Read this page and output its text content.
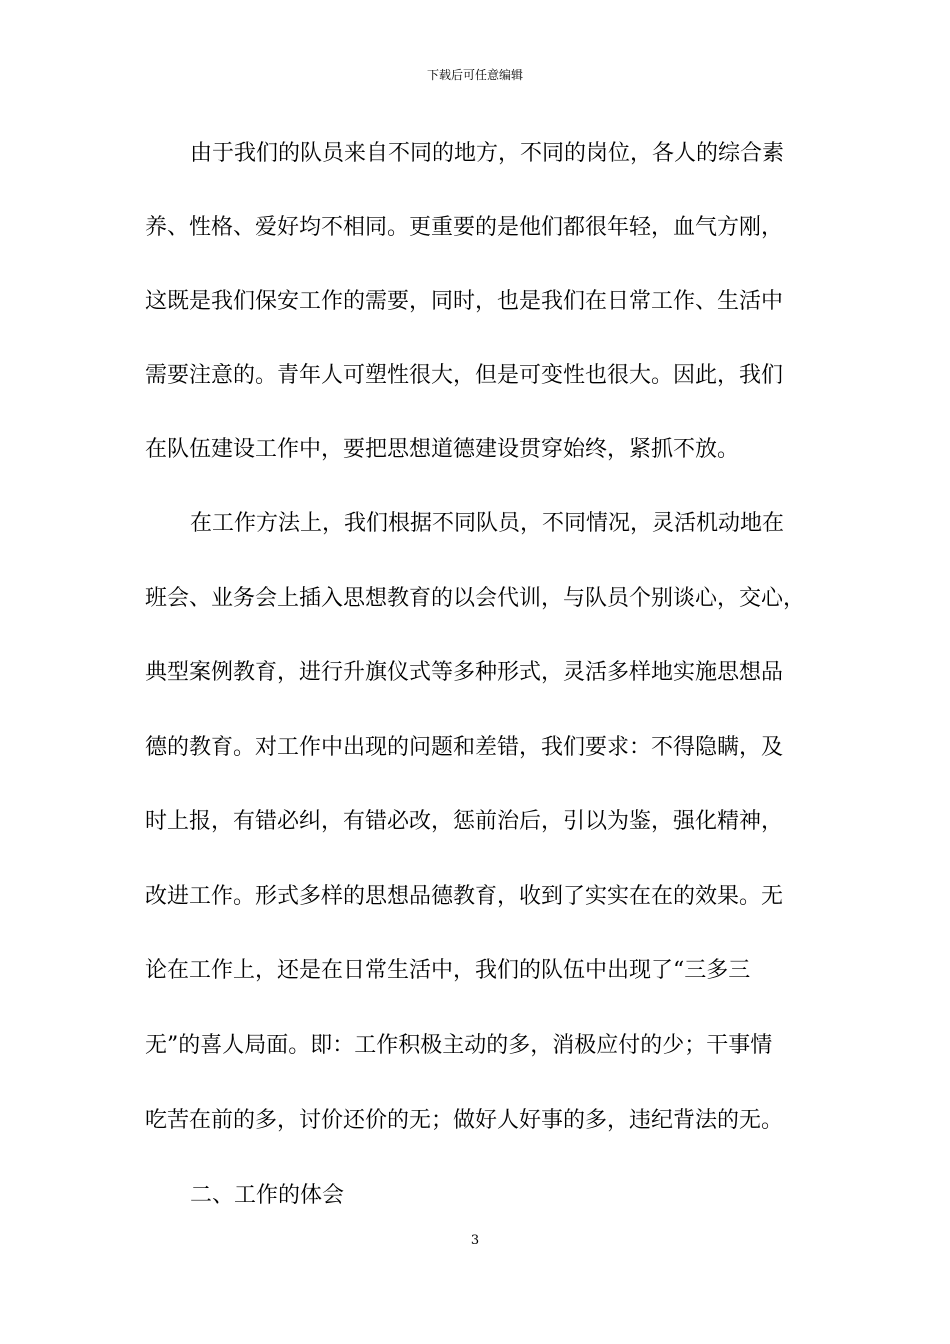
下载后可任意编辑
由于我们的队员来自不同的地方，不同的岗位，各人的综合素
养、性格、爱好均不相同。更重要的是他们都很年轻，血气方刚，
这既是我们保安工作的需要，同时，也是我们在日常工作、生活中
需要注意的。青年人可塑性很大，但是可变性也很大。因此，我们
在队伍建设工作中，要把思想道德建设贯穿始终，紧抓不放。
在工作方法上，我们根据不同队员，不同情况，灵活机动地在
班会、业务会上插入思想教育的以会代训，与队员个别谈心，交心，
典型案例教育，进行升旗仪式等多种形式，灵活多样地实施思想品
德的教育。对工作中出现的问题和差错，我们要求：不得隐瞒，及
时上报，有错必纠，有错必改，惩前治后，引以为鉴，强化精神，
改进工作。形式多样的思想品德教育，收到了实实在在的效果。无
论在工作上，还是在日常生活中，我们的队伍中出现了“三多三
无”的喜人局面。即：工作积极主动的多，消极应付的少；干事情
吃苦在前的多，讨价还价的无；做好人好事的多，违纪背法的无。
二、工作的体会
3
